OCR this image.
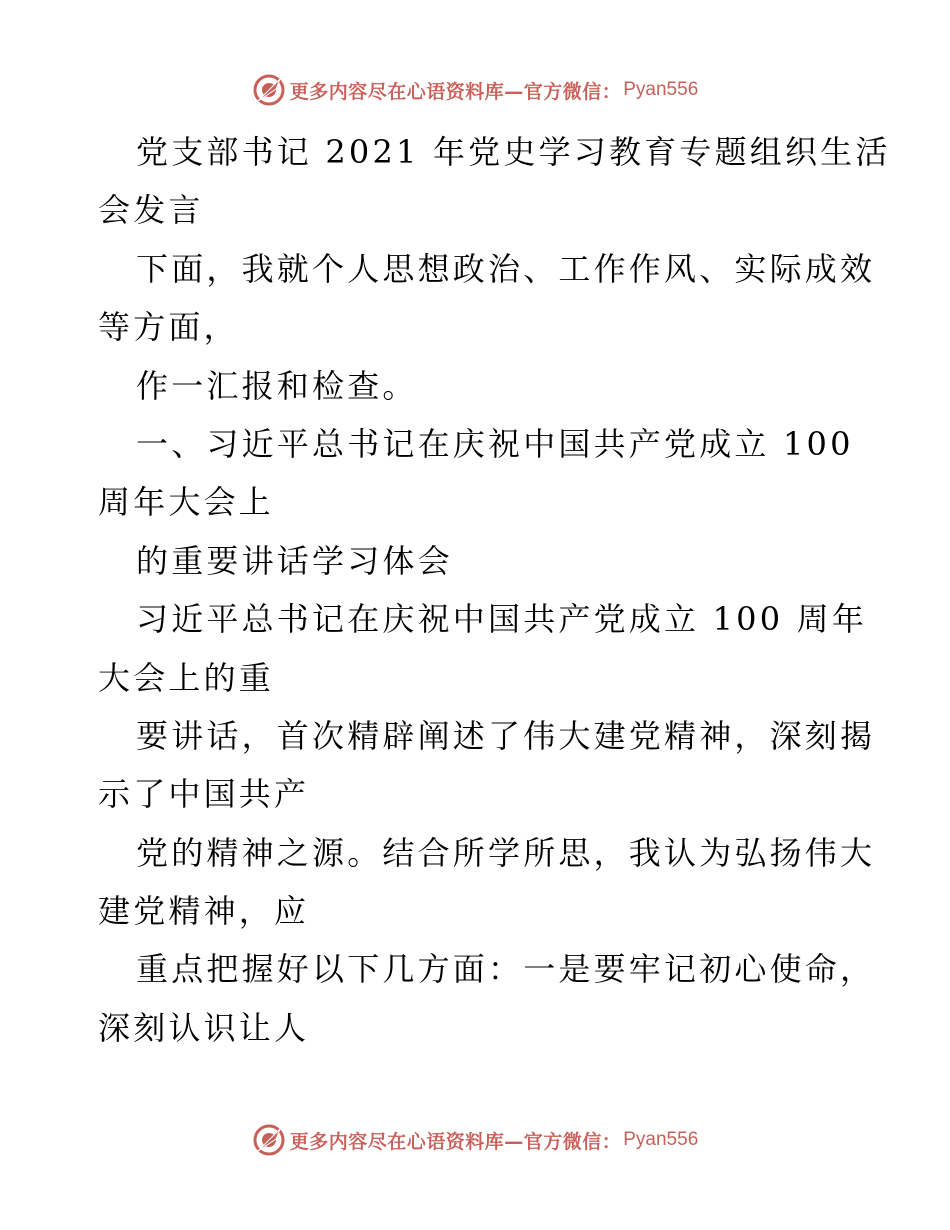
更多内容尽在心语资料库—官方微信： Pyan556
党支部书记 2021 年党史学习教育专题组织生活
会发言
下面，我就个人思想政治、工作作风、实际成效
等方面，
作一汇报和检查。
一、习近平总书记在庆祝中国共产党成立 100
周年大会上
的重要讲话学习体会
习近平总书记在庆祝中国共产党成立 100 周年
大会上的重
要讲话，首次精辟阐述了伟大建党精神，深刻揭
示了中国共产
党的精神之源。结合所学所思，我认为弘扬伟大
建党精神，应
重点把握好以下几方面：一是要牢记初心使命，
深刻认识让人
更多内容尽在心语资料库—官方微信： Pyan556
